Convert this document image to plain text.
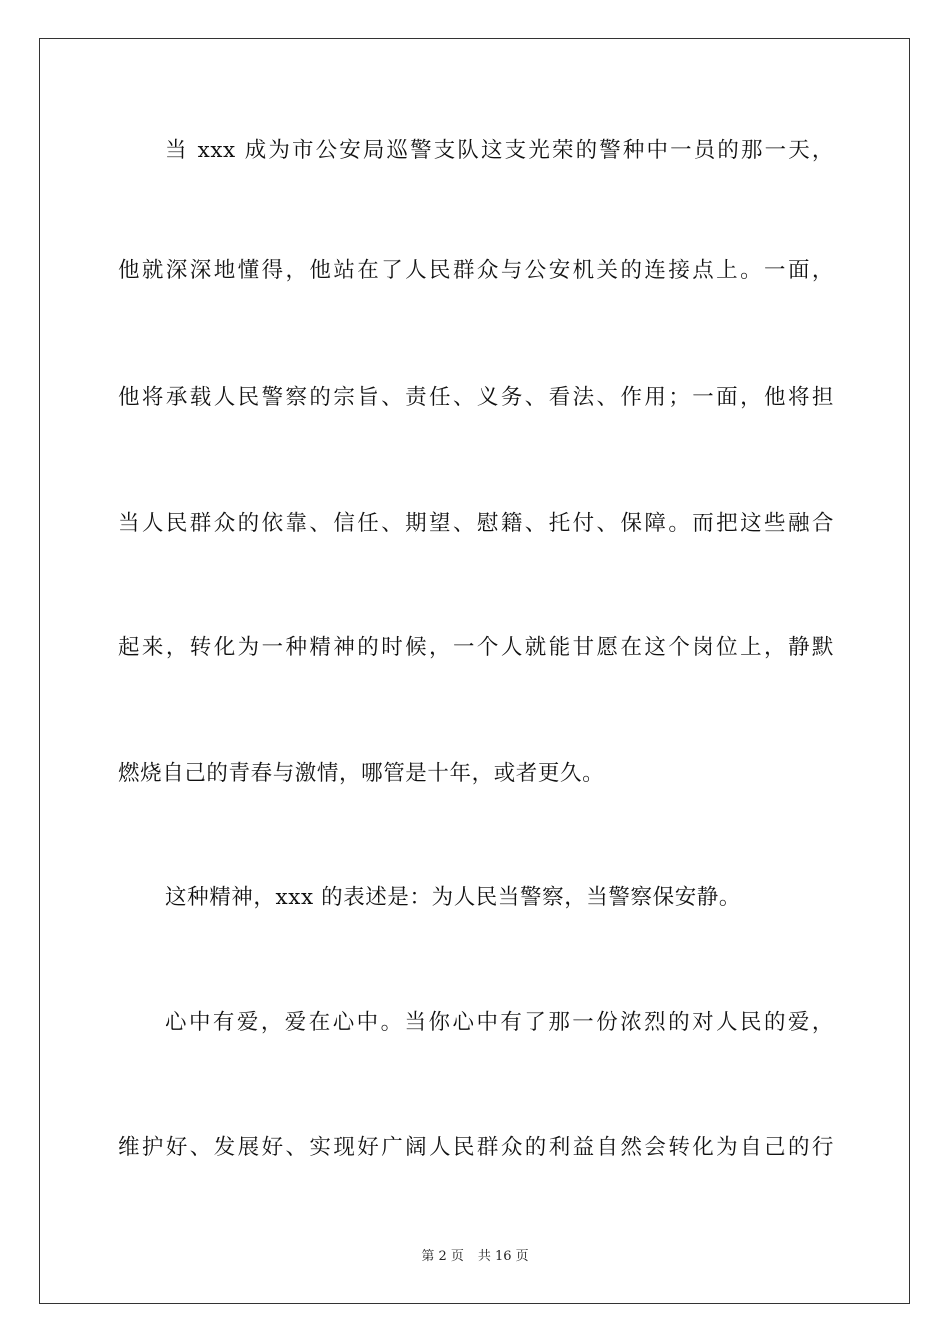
当 xxx 成为市公安局巡警支队这支光荣的警种中一员的那一天，
他就深深地懂得，他站在了人民群众与公安机关的连接点上。一面，
他将承载人民警察的宗旨、责任、义务、看法、作用；一面，他将担
当人民群众的依靠、信任、期望、慰籍、托付、保障。而把这些融合
起来，转化为一种精神的时候，一个人就能甘愿在这个岗位上，静默
燃烧自己的青春与激情，哪管是十年，或者更久。
这种精神，xxx 的表述是：为人民当警察，当警察保安静。
心中有爱，爱在心中。当你心中有了那一份浓烈的对人民的爱，
维护好、发展好、实现好广阔人民群众的利益自然会转化为自己的行
第 2 页 共 16 页
